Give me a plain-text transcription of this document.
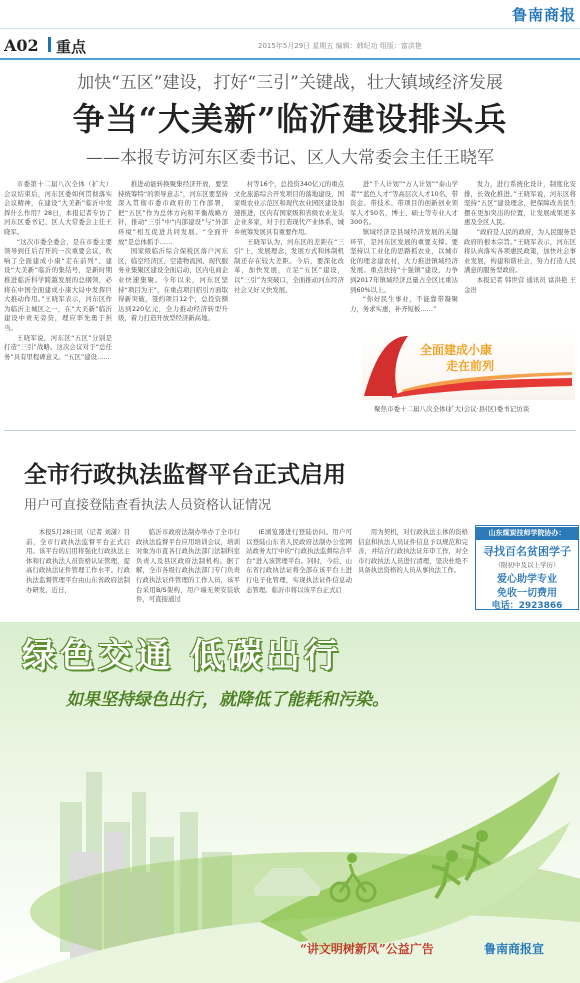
鲁南商报
A02 重点	2015年5月29日 星期五 编辑：韩纪功 组版：富洪艳
加快“五区”建设，打好“三引”关键战，壮大镇域经济发展
争当“大美新”临沂建设排头兵
——本报专访河东区委书记、区人大常委会主任王晓军

市委第十二届八次全体（扩大）会议结束后，河东区委如何贯彻落实会议精神，在建设“大美新”临沂中发挥什么作用？28日，本报记者专访了河东区委书记、区人大常委会主任王晓军。

“这次市委全委会，是在市委主要领导到任后召开的一次重要会议，吹响了全面建成小康“走在前列”、建设“大美新”临沂的集结号，是新时期推进临沂科学跨越发展的总纲领，必将在中国全面建成小康大局中发挥巨大推动作用。”王晓军表示，河东区作为临沂主城区之一，在“大美新”临沂建设中责无旁贷，理应率先勇于担当。

王晓军说，河东区“五区”分别是打造“三引”战略。这次会议对于“总任务”具有里程碑意义。“五区”建设……

推进动能转换聚集经济开放，要坚持统筹特“的领导意志”，河东区要坚持深入贯彻市委市政府的工作部署，把“五区”作为总体方向和平衡战略方针，推动“三引”中“内部建设”与“外部环境”相互促进共同发展。“全面开放”是总体抓手……

国家级临沂综合保税区落户河东区，临空经济区、空港物流园、现代服务业集聚区建设全面启动，区内电商企业快速集聚。今年以来，河东区坚持“项目为王”，在重点项目招引方面取得新突破，签约项目12个，总投资额达到220亿元，全力推动经济转型升级，着力打造开放型经济新高地。

村等16个，总投资340亿元的重点文化旅游综合开发项目的落地建设，国家级农业示范区和现代农业园区建设加速推进，区内有国家级和省级农业龙头企业多家，对于打造现代产业体系、城乡统筹发展具有重要作用。

王晓军认为，河东区的差距在“三引”上，发展理念、发展方式和体制机制还存在较大差距。今后，要深化改革，加快发展，立足“五区”建设，以“三引”为突破口，全面推动河东经济社会又好又快发展。

进“千人计划”“万人计划”“泰山学者”“蓝色人才”等高层次人才10名，带资金、带技术、带项目的创新创业领军人才50名，博士、硕士等专业人才300名。

镇域经济是县域经济发展的关键环节，是河东区发展的重要支撑。要坚持以工业化的思路抓农业，以城市化的理念建农村，大力推进镇域经济发展。重点扶持“十强镇”建设，力争到2017年镇域经济总量占全区比重达到60%以上。

“你好民生事业，不能靠带凝聚力，务求实惠，补齐短板……”

发力，进行系统化设计，制度化安排，长效化推进。”王晓军说，河东区将坚持“五区”建设理念，把保障改善民生摆在更加突出的位置，让发展成果更多惠及全区人民。

“政府是人民的政府，为人民服务是政府的根本宗旨。”王晓军表示，河东区将认真落实各项惠民政策，加快社会事业发展，构建和谐社会，努力打造人民满意的服务型政府。

本报记者 韩世营 通讯员 富洪艳 王金贵

全面建成小康
走在前列
聚焦市委十二届八次全体(扩大)会议·县(区)委书记访谈
全市行政执法监督平台正式启用
用户可直接登陆查看执法人员资格认证情况

本报5月28日讯（记者 刘潇）目前，全市行政执法监督平台正式启用。该平台的启用将强化行政执法主体和行政执法人员资格认证管理，提高行政执法证件管理工作水平。行政执法监督管理平台由山东省政府法制办研发，近日，

临沂市政府法制办举办了全市行政执法监督平台应用培训会议，培训对象为市直各行政执法部门法制科室负责人及县区政府法制机构。据了解，全市各级行政执法部门专门负责行政执法证件管理的工作人员，该平台采用B/S架构，用户端无须安装软件，可直接通过

IE浏览器进行登陆访问。用户可以登陆山东省人民政府法制办公室网站政务大厅中的“行政执法监督综合平台”进入该管理平台。同时，今后，山东省行政执法证将全部在该平台上进行电子化管理，实现执法证件信息动态管理。临沂市将以该平台正式启

用为契机，对行政执法主体的资格信息和执法人员证件信息予以规范和完善，并结合行政执法证年审工作，对全市行政执法人员进行清理，坚决杜绝不具备执法资格的人员从事执法工作。

山东煤炭技师学院协办：
寻找百名贫困学子
（限初中及以上学历）
爱心助学专业
免收一切费用
电话：2923866
绿色交通 低碳出行
如果坚持绿色出行，就降低了能耗和污染。
“讲文明树新风”公益广告	鲁南商报宣
